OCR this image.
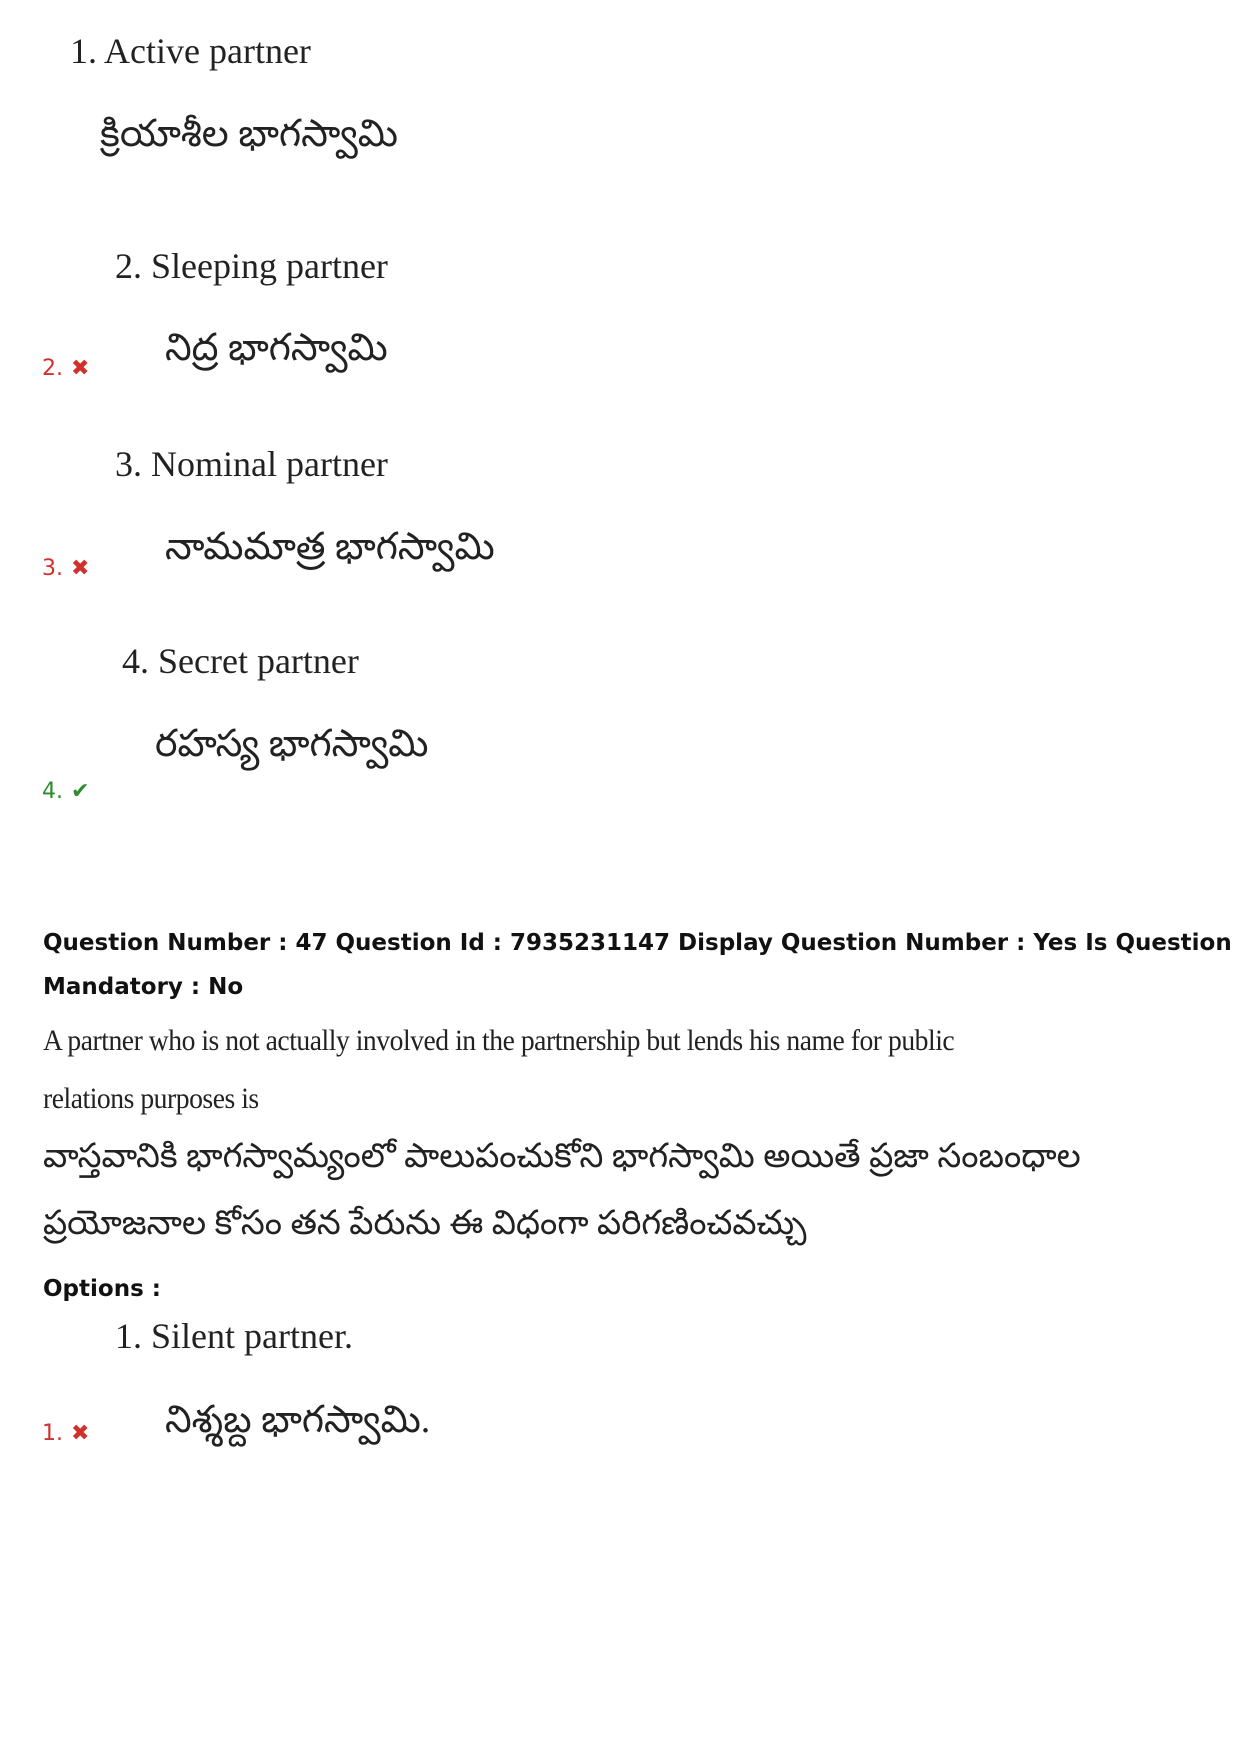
1. Active partner
క్రియాశీల భాగస్వామి
2. Sleeping partner
నిద్ర భాగస్వామి
2. ✖
3. Nominal partner
నామమాత్ర భాగస్వామి
3. ✖
4. Secret partner
రహస్య భాగస్వామి
4. ✔
Question Number : 47 Question Id : 7935231147 Display Question Number : Yes Is Question
Mandatory : No
A partner who is not actually involved in the partnership but lends his name for public
relations purposes is
వాస్తవానికి భాగస్వామ్యంలో పాలుపంచుకోని భాగస్వామి అయితే ప్రజా సంబంధాల
ప్రయోజనాల కోసం తన పేరును ఈ విధంగా పరిగణించవచ్చు
Options :
1. Silent partner.
నిశ్శబ్ద భాగస్వామి.
1. ✖
